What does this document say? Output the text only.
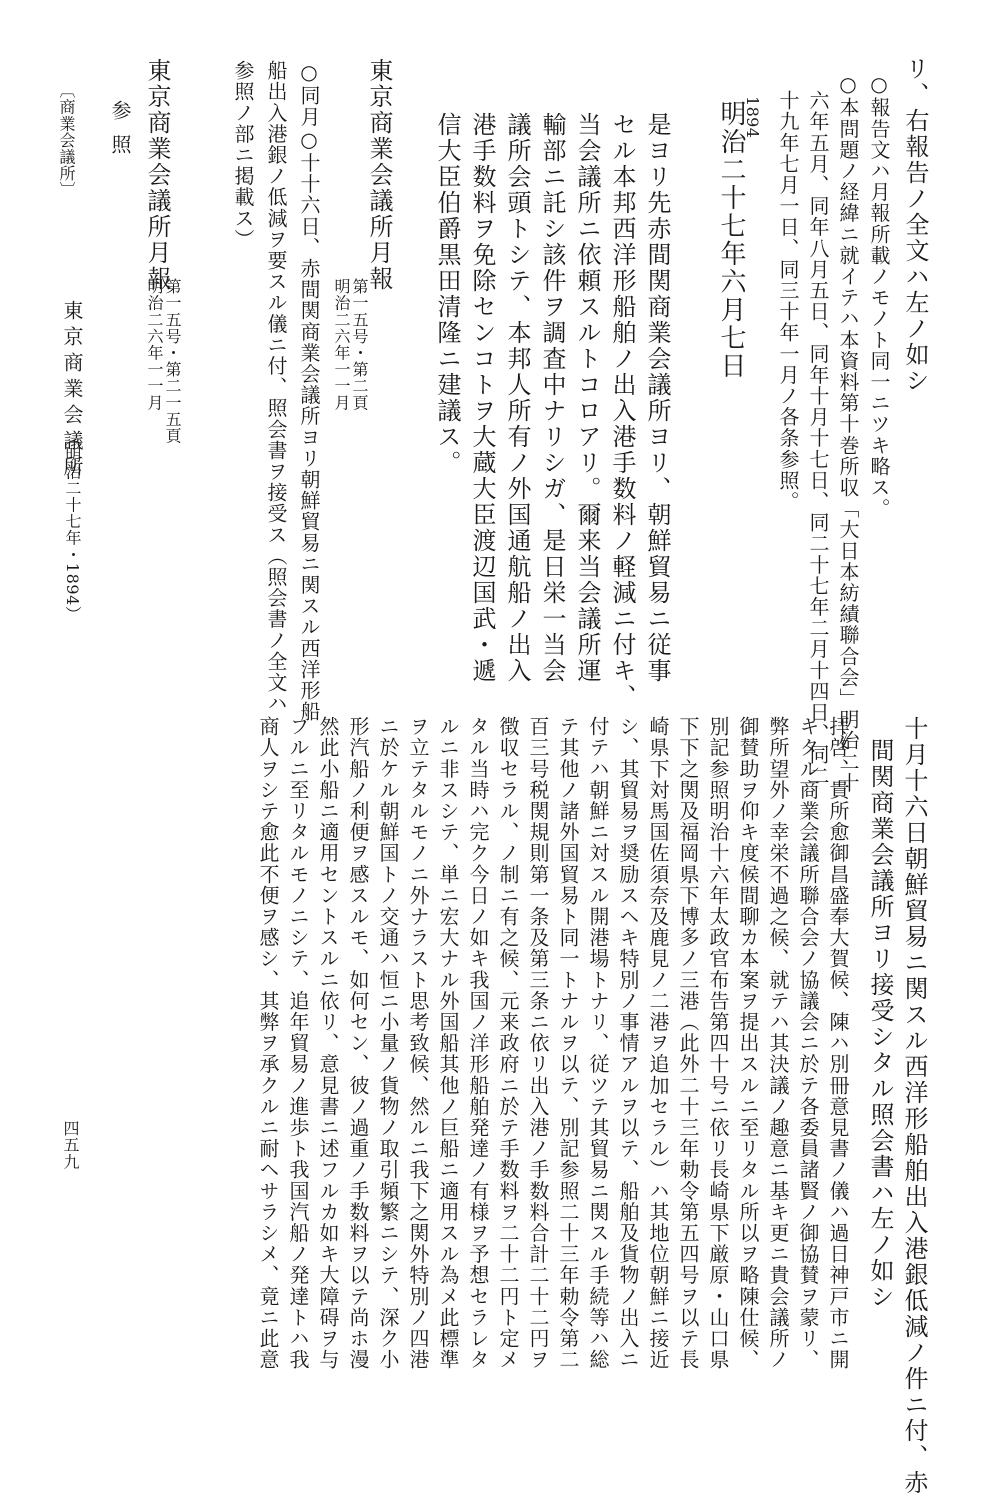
リ、右報告ノ全文ハ左ノ如シ
○報告文ハ月報所載ノモノト同一ニツキ略ス。
○本問題ノ経緯ニ就イテハ本資料第十巻所収「大日本紡績聯合会」明治二十
六年五月、同年八月五日、同年十月十七日、同二十七年二月十四日、同二
十九年七月一日、同三十年一月ノ各条参照。
1894
明治二十七年六月七日
是ヨリ先赤間関商業会議所ヨリ、朝鮮貿易ニ従事
セル本邦西洋形船舶ノ出入港手数料ノ軽減ニ付キ、
当会議所ニ依頼スルトコロアリ。爾来当会議所運
輸部ニ託シ該件ヲ調査中ナリシガ、是日栄一当会
議所会頭トシテ、本邦人所有ノ外国通航船ノ出入
港手数料ヲ免除センコトヲ大蔵大臣渡辺国武・遞
信大臣伯爵黒田清隆ニ建議ス。
東京商業会議所月報
第一五号・第二頁
明治二六年一一月
○同月○十十六日、赤間関商業会議所ヨリ朝鮮貿易ニ関スル西洋形船
船出入港銀ノ低減ヲ要スル儀ニ付、照会書ヲ接受ス（照会書ノ全文ハ
参照ノ部ニ掲載ス）
東京商業会議所月報
第一五号・第二一五頁
明治二六年一一月
参照
〔商業会議所〕
東京商業会議所
（明治二十七年・1894）
十月十六日朝鮮貿易ニ関スル西洋形船舶出入港銀低減ノ件ニ付、赤
間関商業会議所ヨリ接受シタル照会書ハ左ノ如シ
拝啓、貴所愈御昌盛奉大賀候、陳ハ別冊意見書ノ儀ハ過日神戸市ニ開
キタル商業会議所聯合会ノ協議会ニ於テ各委員諸賢ノ御協賛ヲ蒙リ、
弊所望外ノ幸栄不過之候、就テハ其決議ノ趣意ニ基キ更ニ貴会議所ノ
御賛助ヲ仰キ度候間聊カ本案ヲ提出スルニ至リタル所以ヲ略陳仕候、
別記参照明治十六年太政官布告第四十号ニ依リ長崎県下厳原・山口県
下下之関及福岡県下博多ノ三港（此外二十三年勅令第五四号ヲ以テ長
崎県下対馬国佐須奈及鹿見ノ二港ヲ追加セラル）ハ其地位朝鮮ニ接近
シ、其貿易ヲ奨励スヘキ特別ノ事情アルヲ以テ、船舶及貨物ノ出入ニ
付テハ朝鮮ニ対スル開港場トナリ、従ツテ其貿易ニ関スル手続等ハ総
テ其他ノ諸外国貿易ト同一トナルヲ以テ、別記参照二十三年勅令第二
百三号税関規則第一条及第三条ニ依リ出入港ノ手数料合計二十二円ヲ
徴収セラル、ノ制ニ有之候、元来政府ニ於テ手数料ヲ二十二円ト定メ
タル当時ハ完ク今日ノ如キ我国ノ洋形船舶発達ノ有様ヲ予想セラレタ
ルニ非スシテ、単ニ宏大ナル外国船其他ノ巨船ニ適用スル為メ此標準
ヲ立テタルモノニ外ナラスト思考致候、然ルニ我下之関外特別ノ四港
ニ於ケル朝鮮国トノ交通ハ恒ニ小量ノ貨物ノ取引頻繁ニシテ、深ク小
形汽船ノ利便ヲ感スルモ、如何セン、彼ノ過重ノ手数料ヲ以テ尚ホ漫
然此小船ニ適用セントスルニ依リ、意見書ニ述フルカ如キ大障碍ヲ与
フルニ至リタルモノニシテ、追年貿易ノ進歩ト我国汽船ノ発達トハ我
商人ヲシテ愈此不便ヲ感シ、其弊ヲ承クルニ耐ヘサラシメ、竟ニ此意
四五九
